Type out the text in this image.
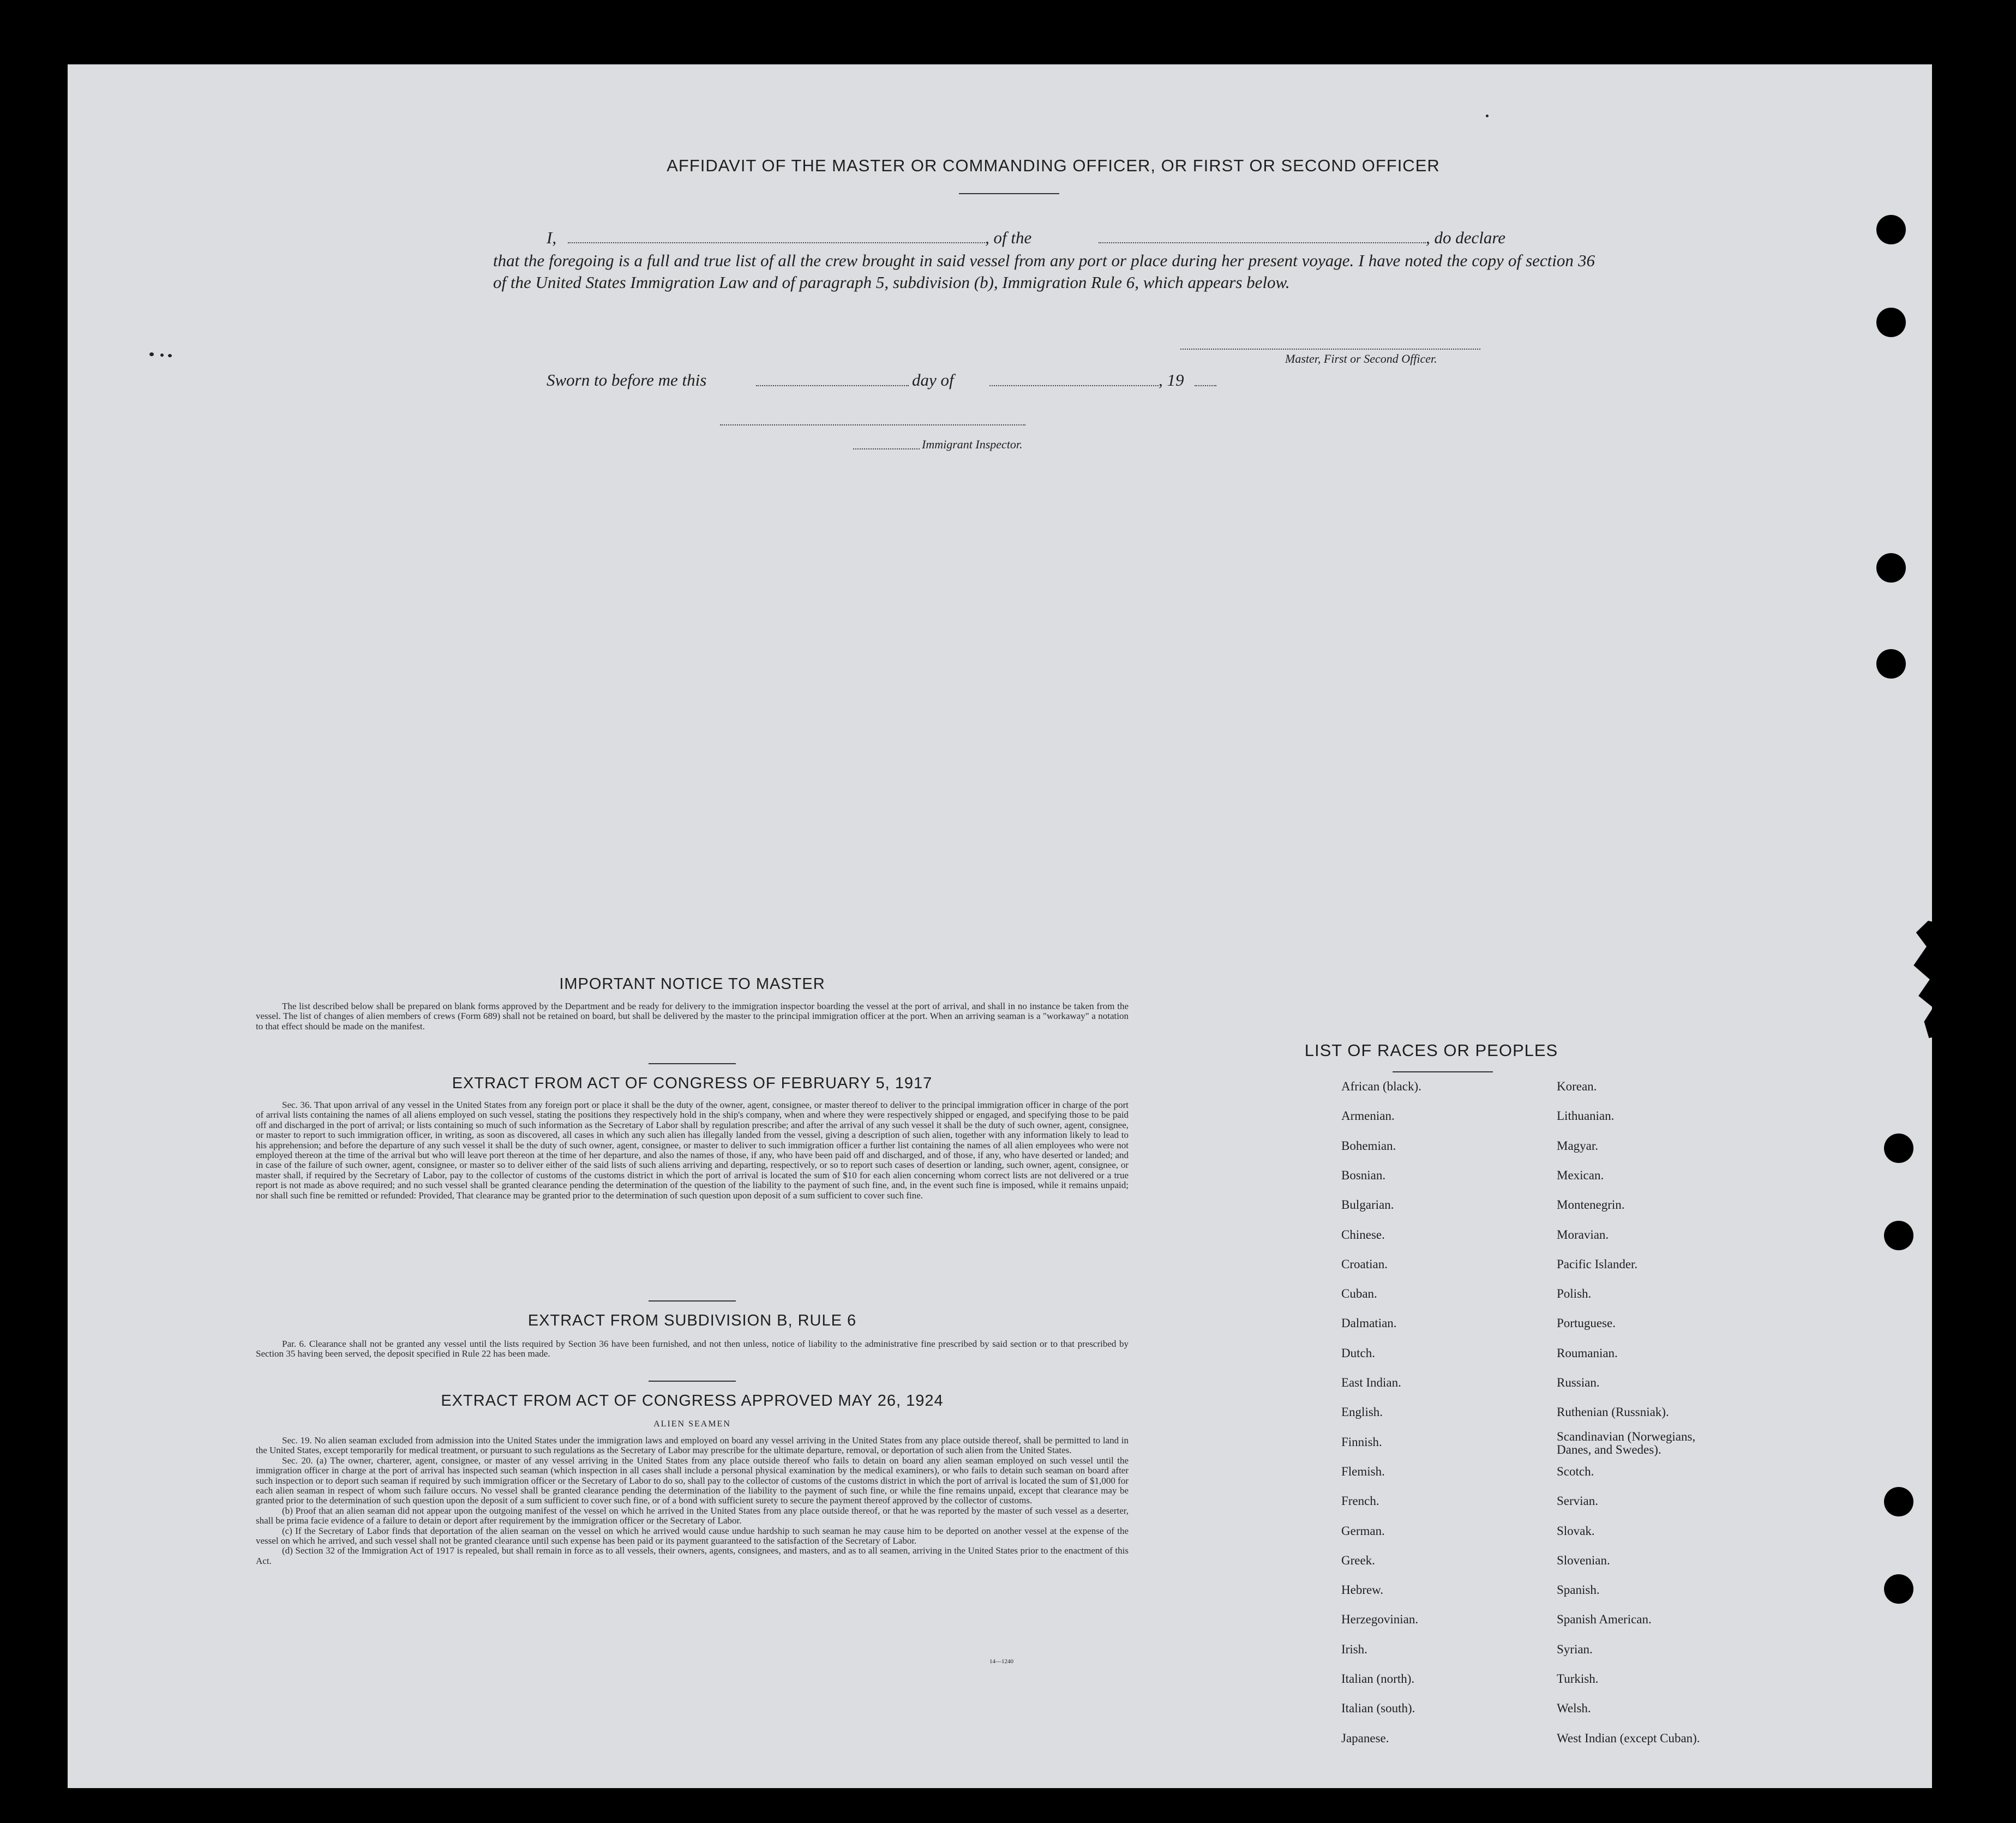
AFFIDAVIT OF THE MASTER OR COMMANDING OFFICER, OR FIRST OR SECOND OFFICER
I,	, of the	, do declare
that the foregoing is a full and true list of all the crew brought in said vessel from any port or place during her present voyage. I have noted the copy of section 36 of the United States Immigration Law and of paragraph 5, subdivision (b), Immigration Rule 6, which appears below.
Master, First or Second Officer.
Sworn to before me this	day of	, 19
Immigrant Inspector.
IMPORTANT NOTICE TO MASTER

The list described below shall be prepared on blank forms approved by the Department and be ready for delivery to the immigration inspector boarding the vessel at the port of arrival, and shall in no instance be taken from the vessel. The list of changes of alien members of crews (Form 689) shall not be retained on board, but shall be delivered by the master to the principal immigration officer at the port. When an arriving seaman is a "workaway" a notation to that effect should be made on the manifest.

EXTRACT FROM ACT OF CONGRESS OF FEBRUARY 5, 1917

Sec. 36. That upon arrival of any vessel in the United States from any foreign port or place it shall be the duty of the owner, agent, consignee, or master thereof to deliver to the principal immigration officer in charge of the port of arrival lists containing the names of all aliens employed on such vessel, stating the positions they respectively hold in the ship's company, when and where they were respectively shipped or engaged, and specifying those to be paid off and discharged in the port of arrival; or lists containing so much of such information as the Secretary of Labor shall by regulation prescribe; and after the arrival of any such vessel it shall be the duty of such owner, agent, consignee, or master to report to such immigration officer, in writing, as soon as discovered, all cases in which any such alien has illegally landed from the vessel, giving a description of such alien, together with any information likely to lead to his apprehension; and before the departure of any such vessel it shall be the duty of such owner, agent, consignee, or master to deliver to such immigration officer a further list containing the names of all alien employees who were not employed thereon at the time of the arrival but who will leave port thereon at the time of her departure, and also the names of those, if any, who have been paid off and discharged, and of those, if any, who have deserted or landed; and in case of the failure of such owner, agent, consignee, or master so to deliver either of the said lists of such aliens arriving and departing, respectively, or so to report such cases of desertion or landing, such owner, agent, consignee, or master shall, if required by the Secretary of Labor, pay to the collector of customs of the customs district in which the port of arrival is located the sum of $10 for each alien concerning whom correct lists are not delivered or a true report is not made as above required; and no such vessel shall be granted clearance pending the determination of the question of the liability to the payment of such fine, and, in the event such fine is imposed, while it remains unpaid; nor shall such fine be remitted or refunded: Provided, That clearance may be granted prior to the determination of such question upon deposit of a sum sufficient to cover such fine.

EXTRACT FROM SUBDIVISION B, RULE 6

Par. 6. Clearance shall not be granted any vessel until the lists required by Section 36 have been furnished, and not then unless, notice of liability to the administrative fine prescribed by said section or to that prescribed by Section 35 having been served, the deposit specified in Rule 22 has been made.

EXTRACT FROM ACT OF CONGRESS APPROVED MAY 26, 1924
ALIEN SEAMEN

Sec. 19. No alien seaman excluded from admission into the United States under the immigration laws and employed on board any vessel arriving in the United States from any place outside thereof, shall be permitted to land in the United States, except temporarily for medical treatment, or pursuant to such regulations as the Secretary of Labor may prescribe for the ultimate departure, removal, or deportation of such alien from the United States.

Sec. 20. (a) The owner, charterer, agent, consignee, or master of any vessel arriving in the United States from any place outside thereof who fails to detain on board any alien seaman employed on such vessel until the immigration officer in charge at the port of arrival has inspected such seaman (which inspection in all cases shall include a personal physical examination by the medical examiners), or who fails to detain such seaman on board after such inspection or to deport such seaman if required by such immigration officer or the Secretary of Labor to do so, shall pay to the collector of customs of the customs district in which the port of arrival is located the sum of $1,000 for each alien seaman in respect of whom such failure occurs. No vessel shall be granted clearance pending the determination of the liability to the payment of such fine, or while the fine remains unpaid, except that clearance may be granted prior to the determination of such question upon the deposit of a sum sufficient to cover such fine, or of a bond with sufficient surety to secure the payment thereof approved by the collector of customs.

(b) Proof that an alien seaman did not appear upon the outgoing manifest of the vessel on which he arrived in the United States from any place outside thereof, or that he was reported by the master of such vessel as a deserter, shall be prima facie evidence of a failure to detain or deport after requirement by the immigration officer or the Secretary of Labor.

(c) If the Secretary of Labor finds that deportation of the alien seaman on the vessel on which he arrived would cause undue hardship to such seaman he may cause him to be deported on another vessel at the expense of the vessel on which he arrived, and such vessel shall not be granted clearance until such expense has been paid or its payment guaranteed to the satisfaction of the Secretary of Labor.

(d) Section 32 of the Immigration Act of 1917 is repealed, but shall remain in force as to all vessels, their owners, agents, consignees, and masters, and as to all seamen, arriving in the United States prior to the enactment of this Act.

14—1240
LIST OF RACES OR PEOPLES
African (black).
Armenian.
Bohemian.
Bosnian.
Bulgarian.
Chinese.
Croatian.
Cuban.
Dalmatian.
Dutch.
East Indian.
English.
Finnish.
Flemish.
French.
German.
Greek.
Hebrew.
Herzegovinian.
Irish.
Italian (north).
Italian (south).
Japanese.
Korean.
Lithuanian.
Magyar.
Mexican.
Montenegrin.
Moravian.
Pacific Islander.
Polish.
Portuguese.
Roumanian.
Russian.
Ruthenian (Russniak).
Scandinavian (Norwegians, Danes, and Swedes).
Scotch.
Servian.
Slovak.
Slovenian.
Spanish.
Spanish American.
Syrian.
Turkish.
Welsh.
West Indian (except Cuban).
